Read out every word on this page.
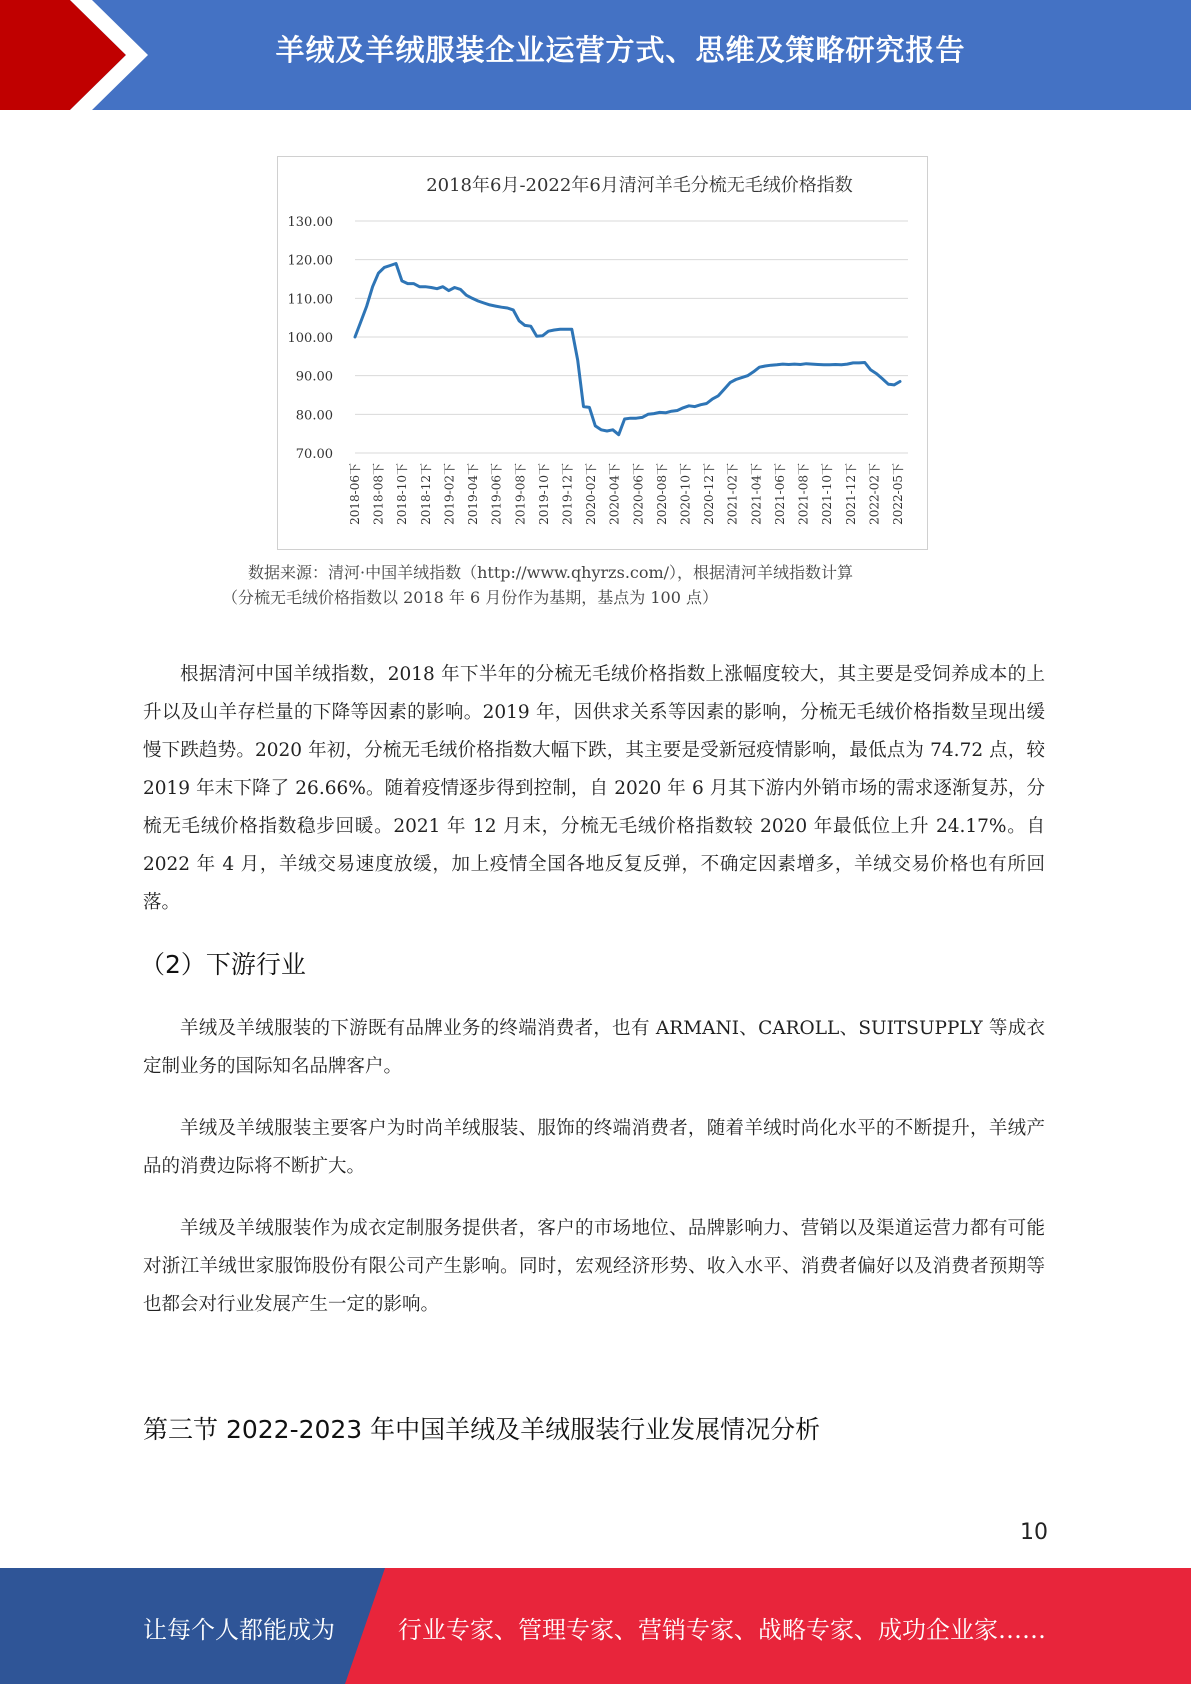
羊绒及羊绒服装企业运营方式、思维及策略研究报告
2018年6月-2022年6月清河羊毛分梳无毛绒价格指数
70.00
80.00
90.00
100.00
110.00
120.00
130.00
2018-06下 2018-08下 2018-10下 2018-12下 2019-02下 2019-04下 2019-06下 2019-08下 2019-10下 2019-12下 2020-02下 2020-04下 2020-06下 2020-08下 2020-10下 2020-12下 2021-02下 2021-04下 2021-06下 2021-08下 2021-10下 2021-12下 2022-02下 2022-05下
数据来源：清河·中国羊绒指数（http://www.qhyrzs.com/），根据清河羊绒指数计算
（分梳无毛绒价格指数以 2018 年 6 月份作为基期，基点为 100 点）

根据清河中国羊绒指数，2018 年下半年的分梳无毛绒价格指数上涨幅度较大，其主要是受饲养成本的上升以及山羊存栏量的下降等因素的影响。2019 年，因供求关系等因素的影响，分梳无毛绒价格指数呈现出缓慢下跌趋势。2020 年初，分梳无毛绒价格指数大幅下跌，其主要是受新冠疫情影响，最低点为 74.72 点，较 2019 年末下降了 26.66%。随着疫情逐步得到控制，自 2020 年 6 月其下游内外销市场的需求逐渐复苏，分梳无毛绒价格指数稳步回暖。2021 年 12 月末，分梳无毛绒价格指数较 2020 年最低位上升 24.17%。自 2022 年 4 月，羊绒交易速度放缓，加上疫情全国各地反复反弹，不确定因素增多，羊绒交易价格也有所回落。

（2）下游行业

羊绒及羊绒服装的下游既有品牌业务的终端消费者，也有 ARMANI、CAROLL、SUITSUPPLY 等成衣定制业务的国际知名品牌客户。

羊绒及羊绒服装主要客户为时尚羊绒服装、服饰的终端消费者，随着羊绒时尚化水平的不断提升，羊绒产品的消费边际将不断扩大。

羊绒及羊绒服装作为成衣定制服务提供者，客户的市场地位、品牌影响力、营销以及渠道运营力都有可能对浙江羊绒世家服饰股份有限公司产生影响。同时，宏观经济形势、收入水平、消费者偏好以及消费者预期等也都会对行业发展产生一定的影响。

第三节 2022-2023 年中国羊绒及羊绒服装行业发展情况分析
10
让每个人都能成为	行业专家、管理专家、营销专家、战略专家、成功企业家……
